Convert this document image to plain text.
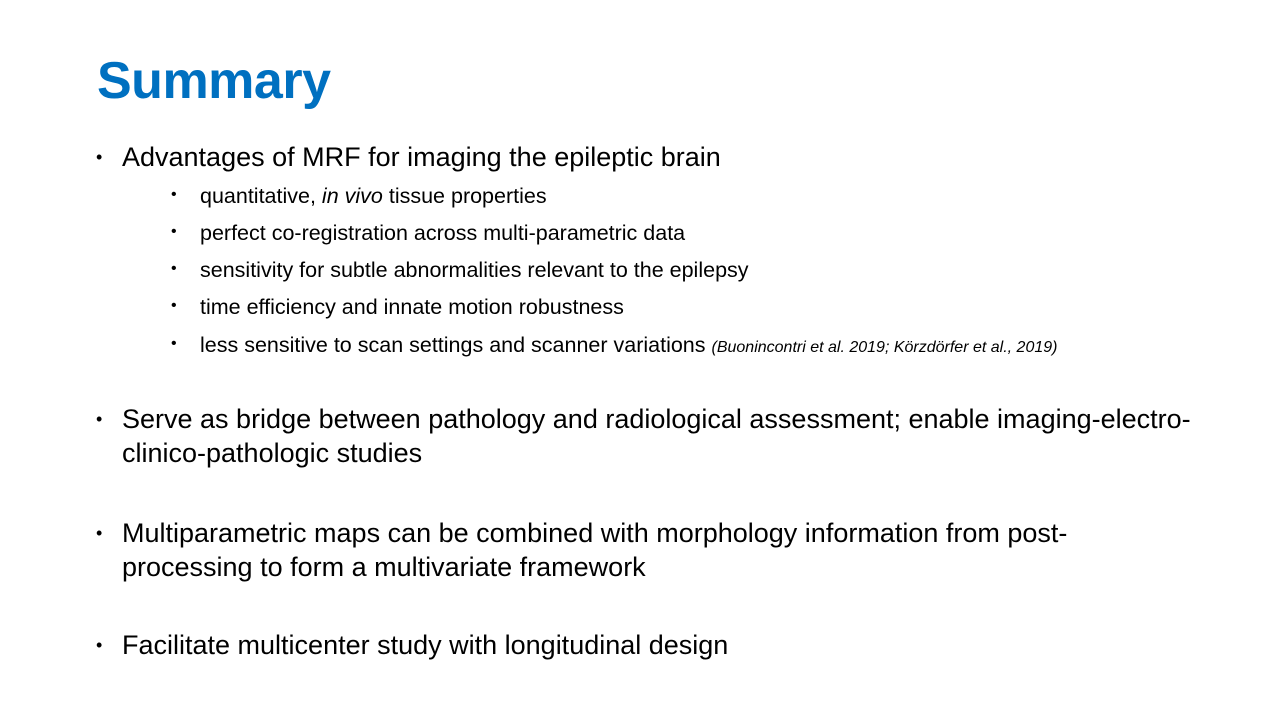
Summary
• Advantages of MRF for imaging the epileptic brain
•	quantitative, in vivo tissue properties
•	perfect co-registration across multi-parametric data
•	sensitivity for subtle abnormalities relevant to the epilepsy
•	time efficiency and innate motion robustness
•	less sensitive to scan settings and scanner variations (Buonincontri et al. 2019; Körzdörfer et al., 2019)
• Serve as bridge between pathology and radiological assessment; enable imaging-electro-clinico-pathologic studies
• Multiparametric maps can be combined with morphology information from post-processing to form a multivariate framework
• Facilitate multicenter study with longitudinal design
